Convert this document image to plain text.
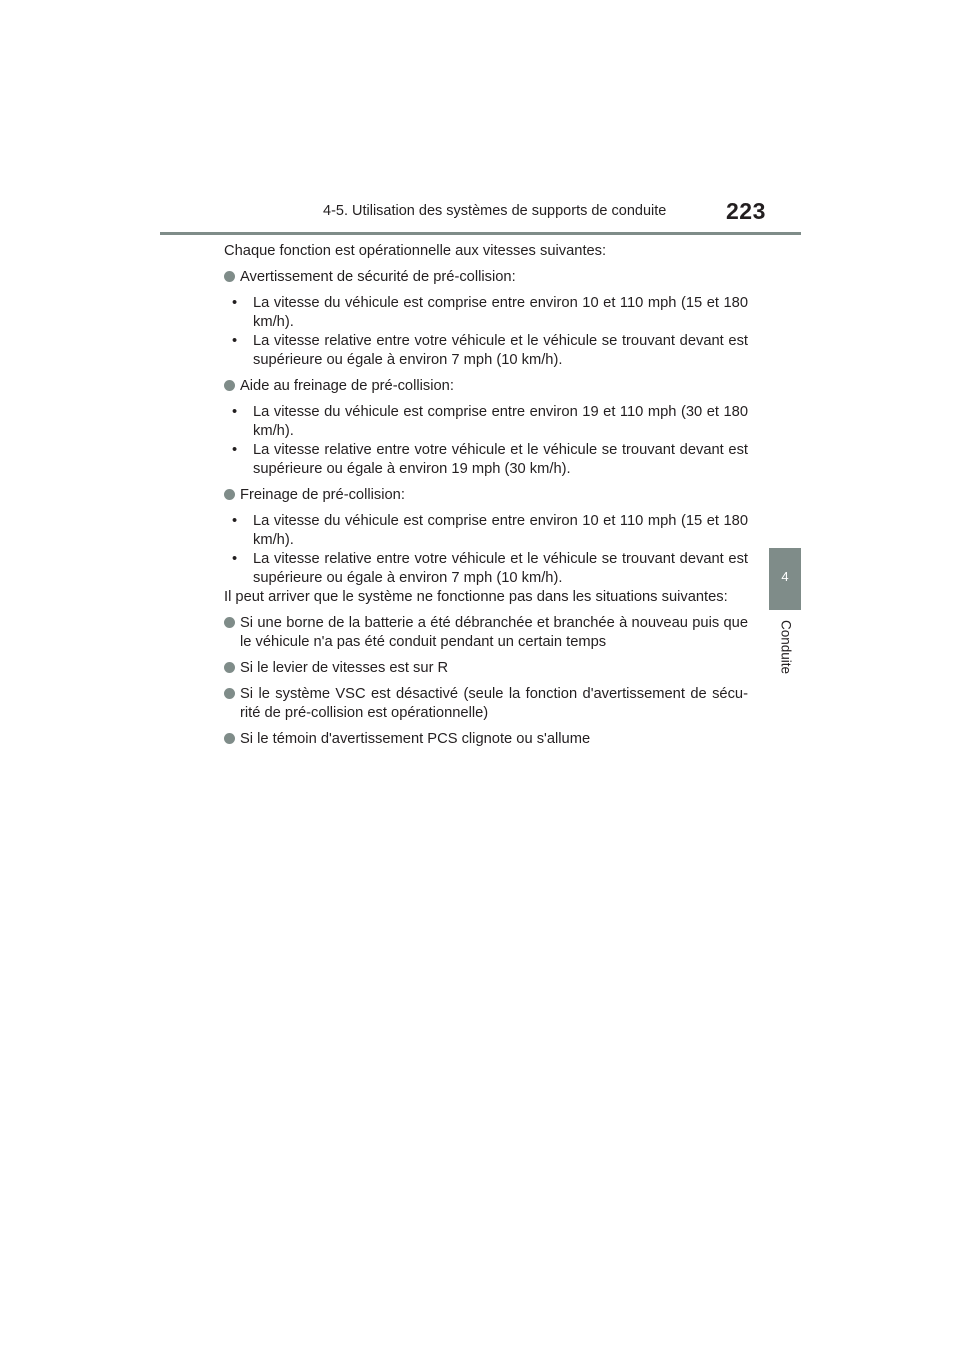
4-5. Utilisation des systèmes de supports de conduite	223
4
Conduite

Chaque fonction est opérationnelle aux vitesses suivantes:

Avertissement de sécurité de pré-collision:
• La vitesse du véhicule est comprise entre environ 10 et 110 mph (15 et 180 km/h).
• La vitesse relative entre votre véhicule et le véhicule se trouvant devant est supérieure ou égale à environ 7 mph (10 km/h).
Aide au freinage de pré-collision:
• La vitesse du véhicule est comprise entre environ 19 et 110 mph (30 et 180 km/h).
• La vitesse relative entre votre véhicule et le véhicule se trouvant devant est supérieure ou égale à environ 19 mph (30 km/h).
Freinage de pré-collision:
• La vitesse du véhicule est comprise entre environ 10 et 110 mph (15 et 180 km/h).
• La vitesse relative entre votre véhicule et le véhicule se trouvant devant est supérieure ou égale à environ 7 mph (10 km/h).

Il peut arriver que le système ne fonctionne pas dans les situations suivantes:

Si une borne de la batterie a été débranchée et branchée à nouveau puis que le véhicule n'a pas été conduit pendant un certain temps
Si le levier de vitesses est sur R
Si le système VSC est désactivé (seule la fonction d'avertissement de sécu-rité de pré-collision est opérationnelle)
Si le témoin d'avertissement PCS clignote ou s'allume
